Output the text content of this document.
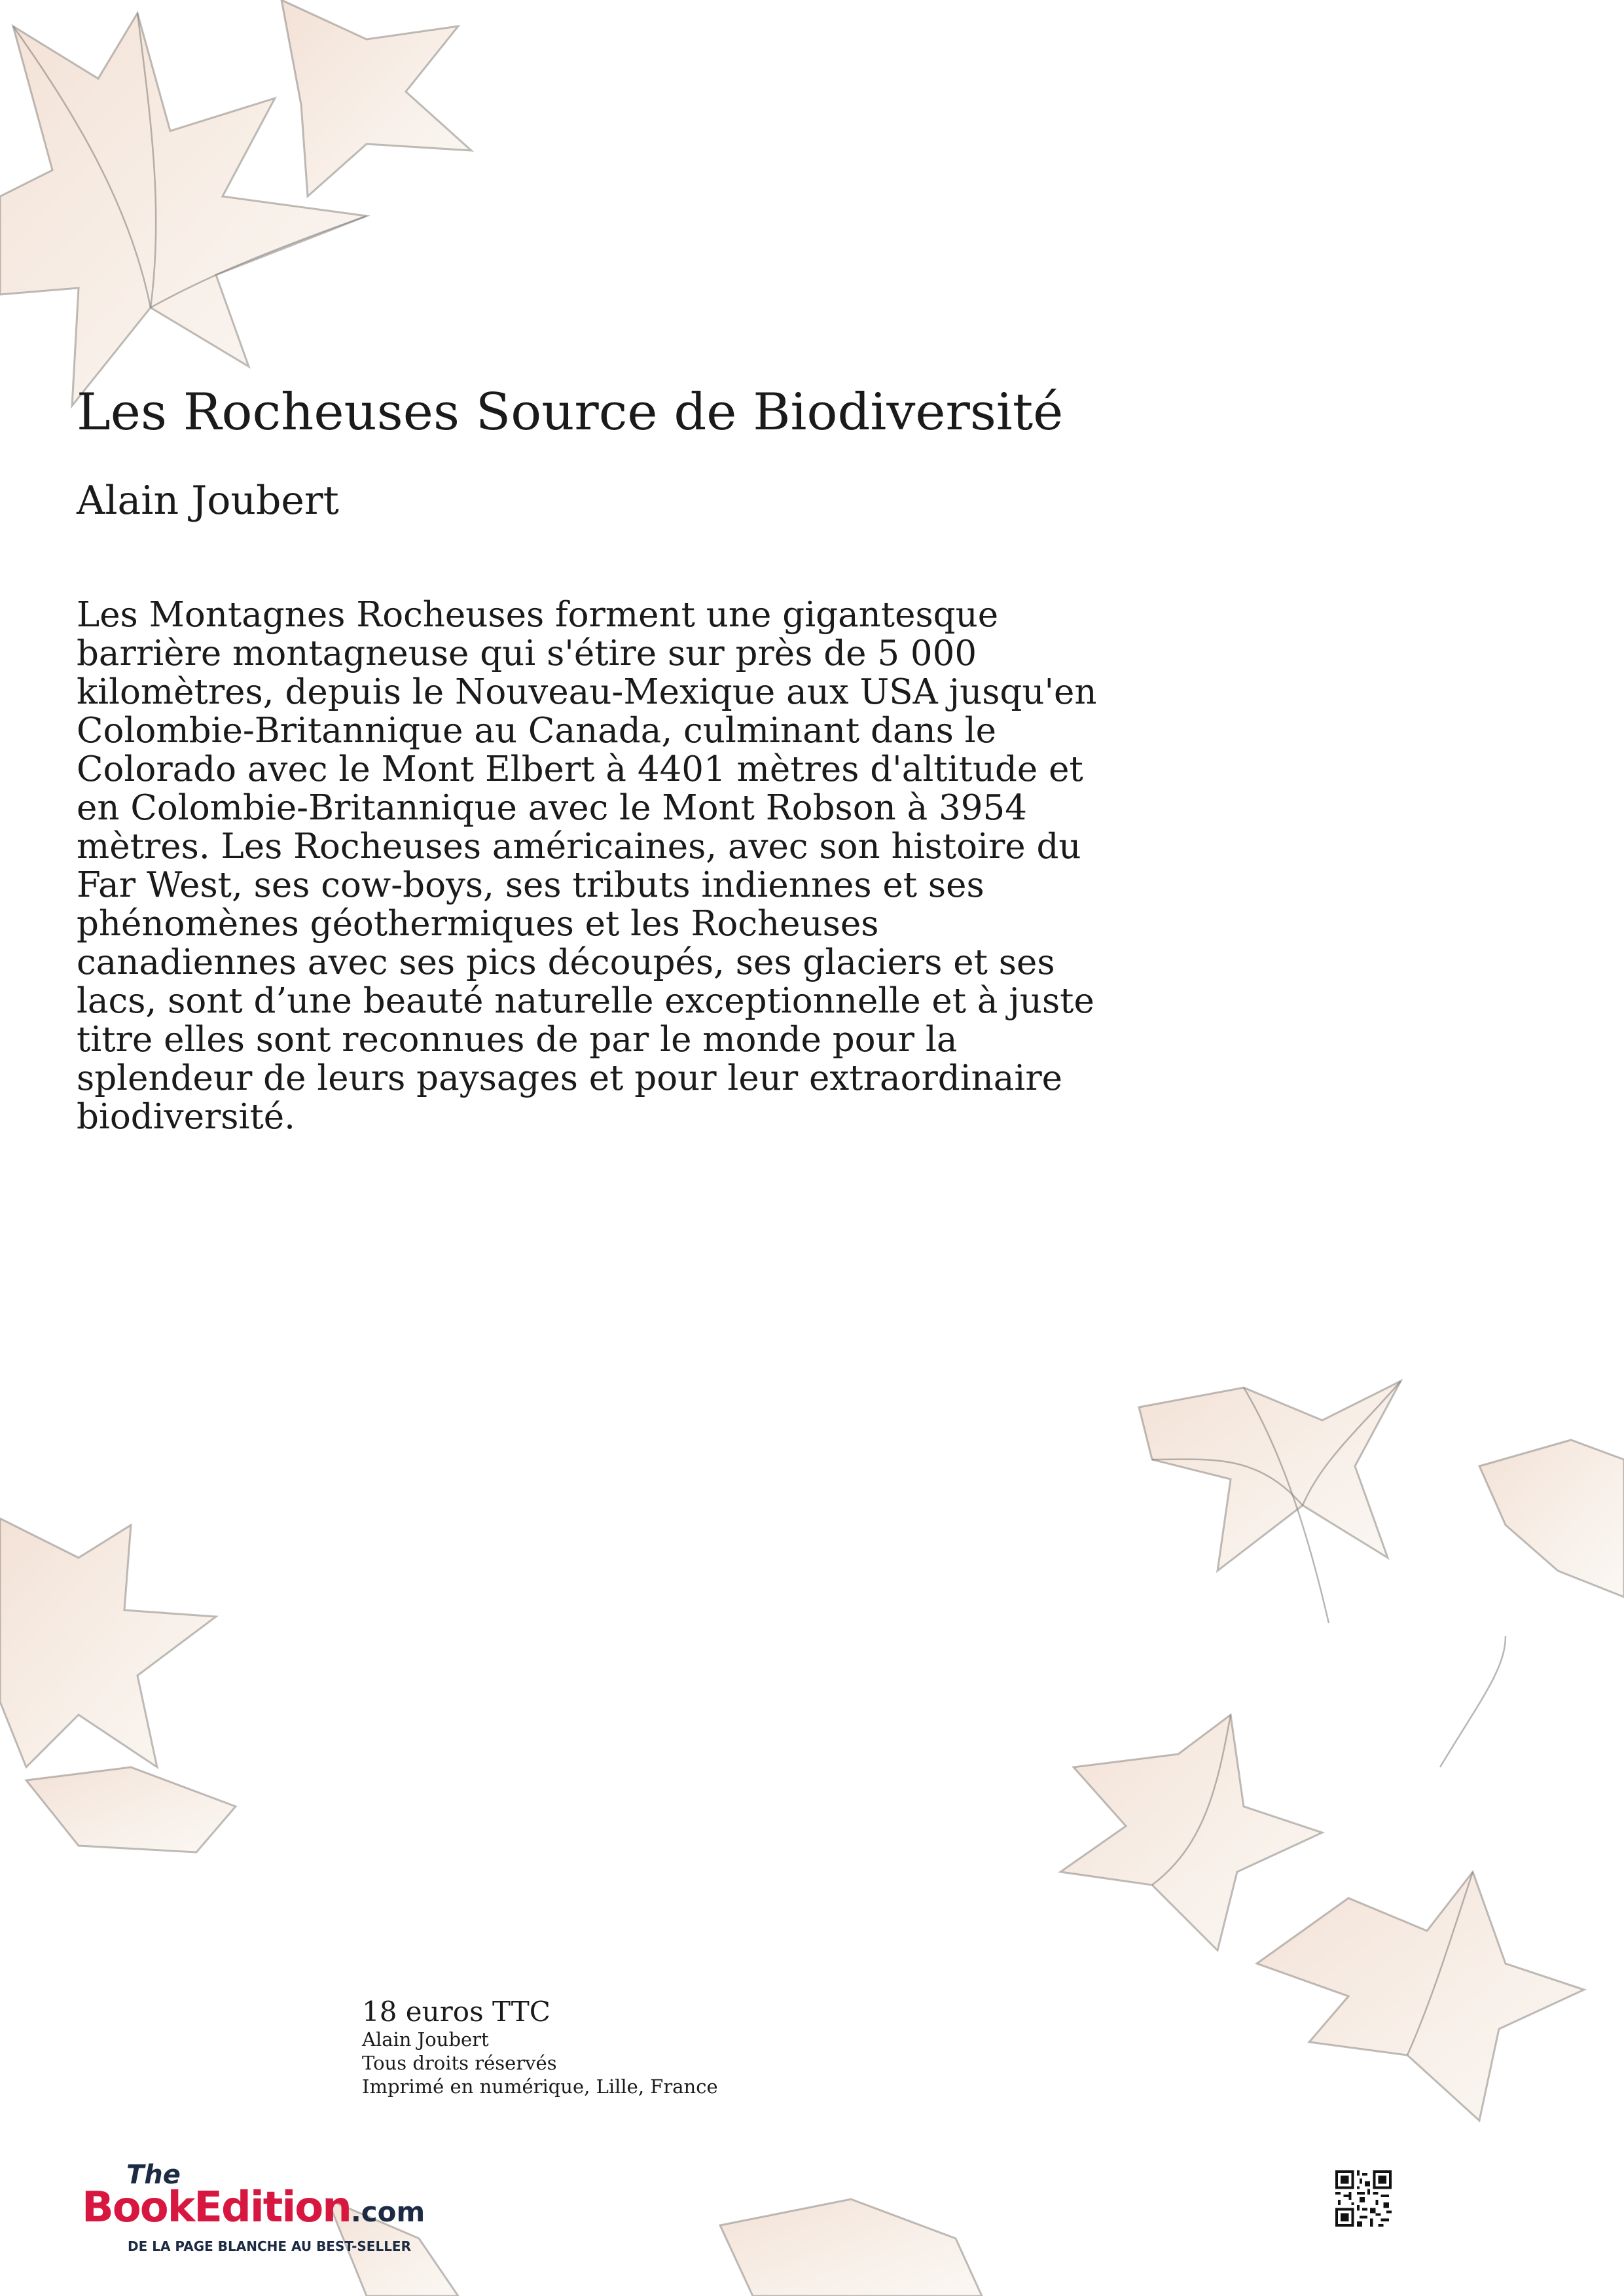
Les Rocheuses Source de Biodiversité
Alain Joubert
Les Montagnes Rocheuses forment une gigantesque
barrière montagneuse qui s'étire sur près de 5 000
kilomètres, depuis le Nouveau-Mexique aux USA jusqu'en
Colombie-Britannique au Canada, culminant dans le
Colorado avec le Mont Elbert à 4401 mètres d'altitude et
en Colombie-Britannique avec le Mont Robson à 3954
mètres. Les Rocheuses américaines, avec son histoire du
Far West, ses cow-boys, ses tributs indiennes et ses
phénomènes géothermiques et les Rocheuses
canadiennes avec ses pics découpés, ses glaciers et ses
lacs, sont d’une beauté naturelle exceptionnelle et à juste
titre elles sont reconnues de par le monde pour la
splendeur de leurs paysages et pour leur extraordinaire
biodiversité.
18 euros TTC
Alain Joubert
Tous droits réservés
Imprimé en numérique, Lille, France
The
BookEdition.com
DE LA PAGE BLANCHE AU BEST-SELLER
